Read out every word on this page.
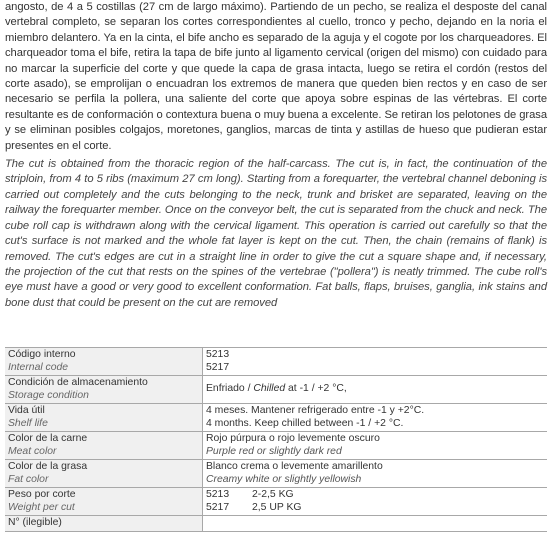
angosto, de 4 a 5 costillas (27 cm de largo máximo). Partiendo de un pecho, se realiza el desposte del canal vertebral completo, se separan los cortes correspondientes al cuello, tronco y pecho, dejando en la noria el miembro delantero. Ya en la cinta, el bife ancho es separado de la aguja y el cogote por los charqueadores. El charqueador toma el bife, retira la tapa de bife junto al ligamento cervical (origen del mismo) con cuidado para no marcar la superficie del corte y que quede la capa de grasa intacta, luego se retira el cordón (restos del corte asado), se emprolijan o encuadran los extremos de manera que queden bien rectos y en caso de ser necesario se perfila la pollera, una saliente del corte que apoya sobre espinas de las vértebras. El corte resultante es de conformación o contextura buena o muy buena a excelente. Se retiran los pelotones de grasa y se eliminan posibles colgajos, moretones, ganglios, marcas de tinta y astillas de hueso que pudieran estar presentes en el corte.

The cut is obtained from the thoracic region of the half-carcass. The cut is, in fact, the continuation of the striploin, from 4 to 5 ribs (maximum 27 cm long). Starting from a forequarter, the vertebral channel deboning is carried out completely and the cuts belonging to the neck, trunk and brisket are separated, leaving on the railway the forequarter member. Once on the conveyor belt, the cut is separated from the chuck and neck. The cube roll cap is withdrawn along with the cervical ligament. This operation is carried out carefully so that the cut's surface is not marked and the whole fat layer is kept on the cut. Then, the chain (remains of flank) is removed. The cut's edges are cut in a straight line in order to give the cut a square shape and, if necessary, the projection of the cut that rests on the spines of the vertebrae ("pollera") is neatly trimmed. The cube roll's eye must have a good or very good to excellent conformation. Fat balls, flaps, bruises, ganglia, ink stains and bone dust that could be present on the cut are removed

Código interno
Internal code	5213
5217

Condición de almacenamiento
Storage condition	Enfriado / Chilled at -1 / +2 °C,

Vida útil
Shelf life	4 meses. Mantener refrigerado entre -1 y +2°C.
4 months. Keep chilled between -1 / +2 °C.

Color de la carne
Meat color	Rojo púrpura o rojo levemente oscuro
Purple red or slightly dark red

Color de la grasa
Fat color	Blanco crema o levemente amarillento
Creamy white or slightly yellowish

Peso por corte
Weight per cut	5213 2-2,5 KG
5217 2,5 UP KG

N° (ilegible)	
